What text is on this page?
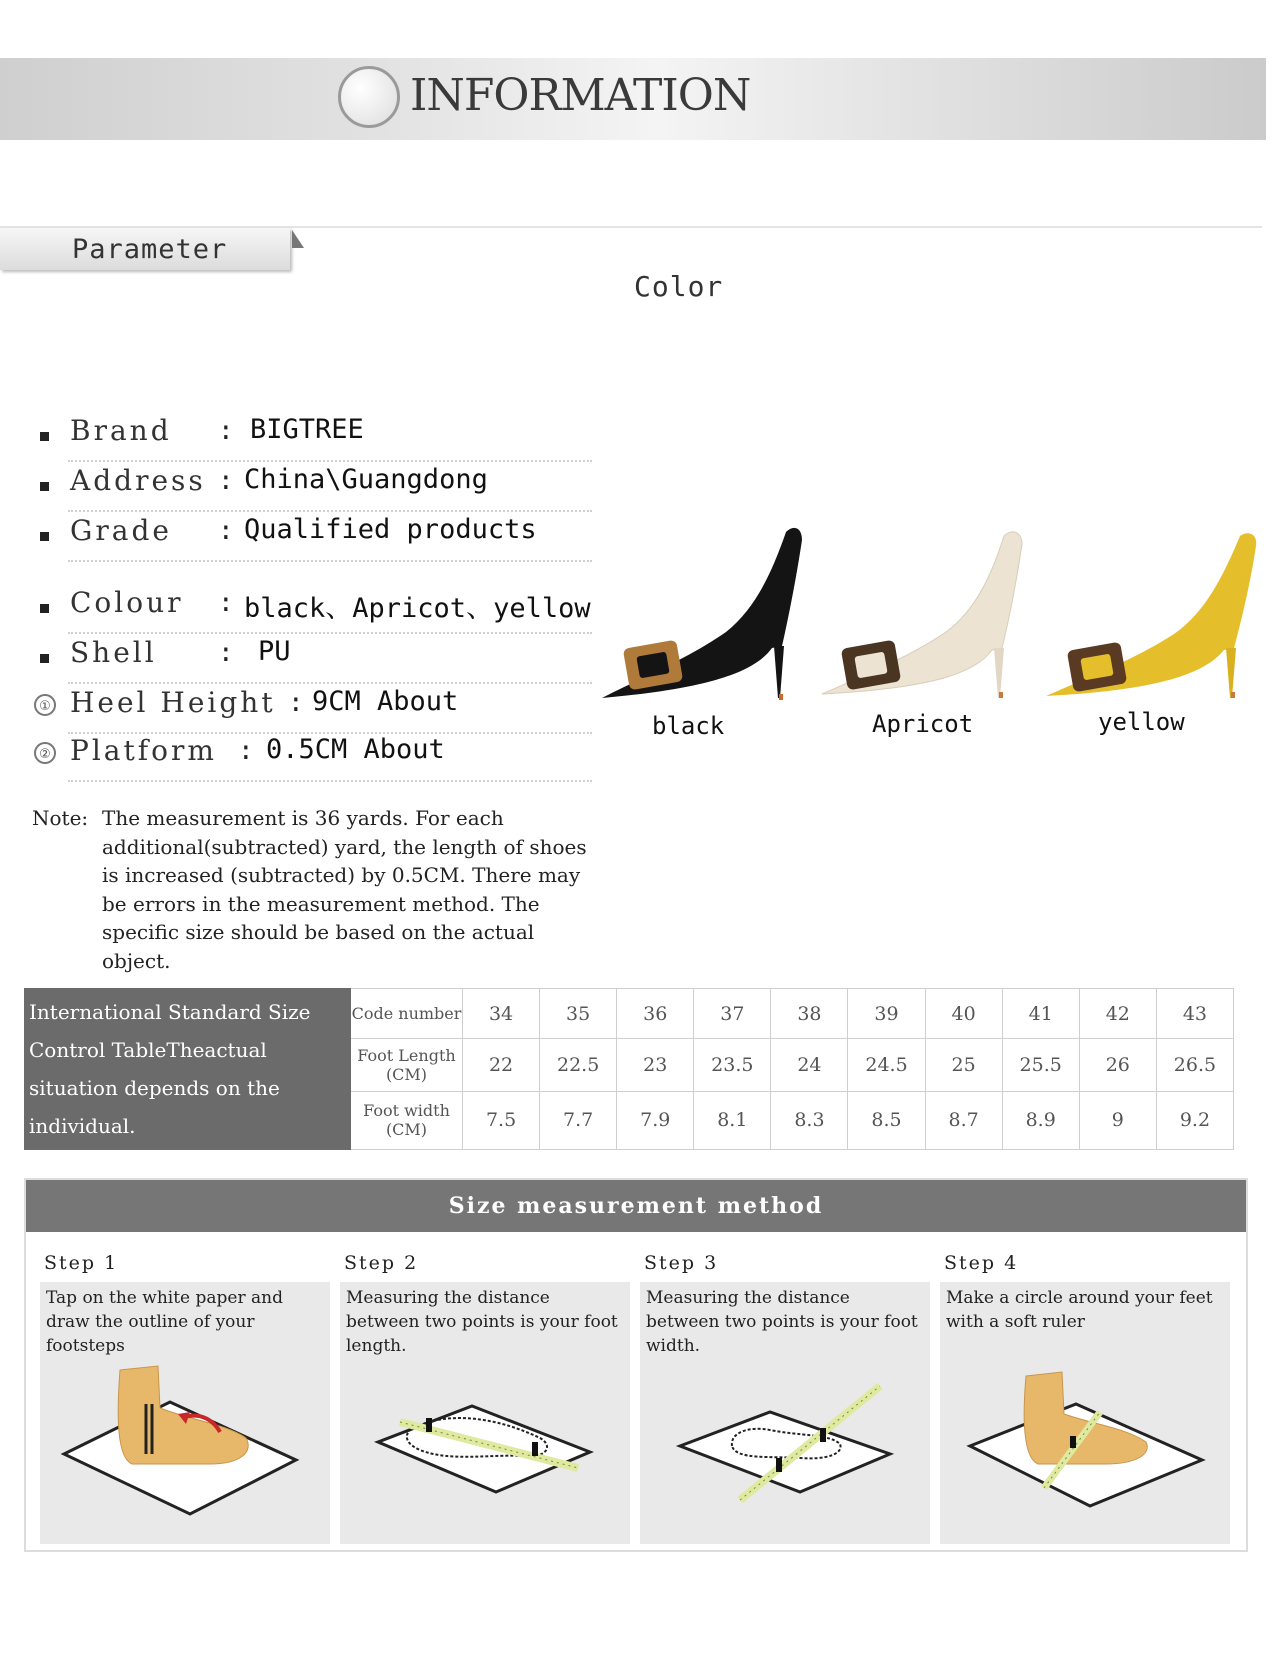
INFORMATION
Parameter
Color
Brand : BIGTREE
Address : China\Guangdong
Grade : Qualified products
Colour : black、Apricot、yellow
Shell : PU
① Heel Height : 9CM About
② Platform : 0.5CM About
black	Apricot	yellow
Note: The measurement is 36 yards. For each additional(subtracted) yard, the length of shoes is increased (subtracted) by 0.5CM. There may be errors in the measurement method. The specific size should be based on the actual object.
International Standard Size Control TableTheactual situation depends on the individual.	Code number	34	35	36	37	38	39	40	41	42	43
	Foot Length (CM)	22	22.5	23	23.5	24	24.5	25	25.5	26	26.5
	Foot width (CM)	7.5	7.7	7.9	8.1	8.3	8.5	8.7	8.9	9	9.2
Size measurement method
Step 1
Tap on the white paper and draw the outline of your footsteps
Step 2
Measuring the distance between two points is your foot length.
Step 3
Measuring the distance between two points is your foot width.
Step 4
Make a circle around your feet with a soft ruler
